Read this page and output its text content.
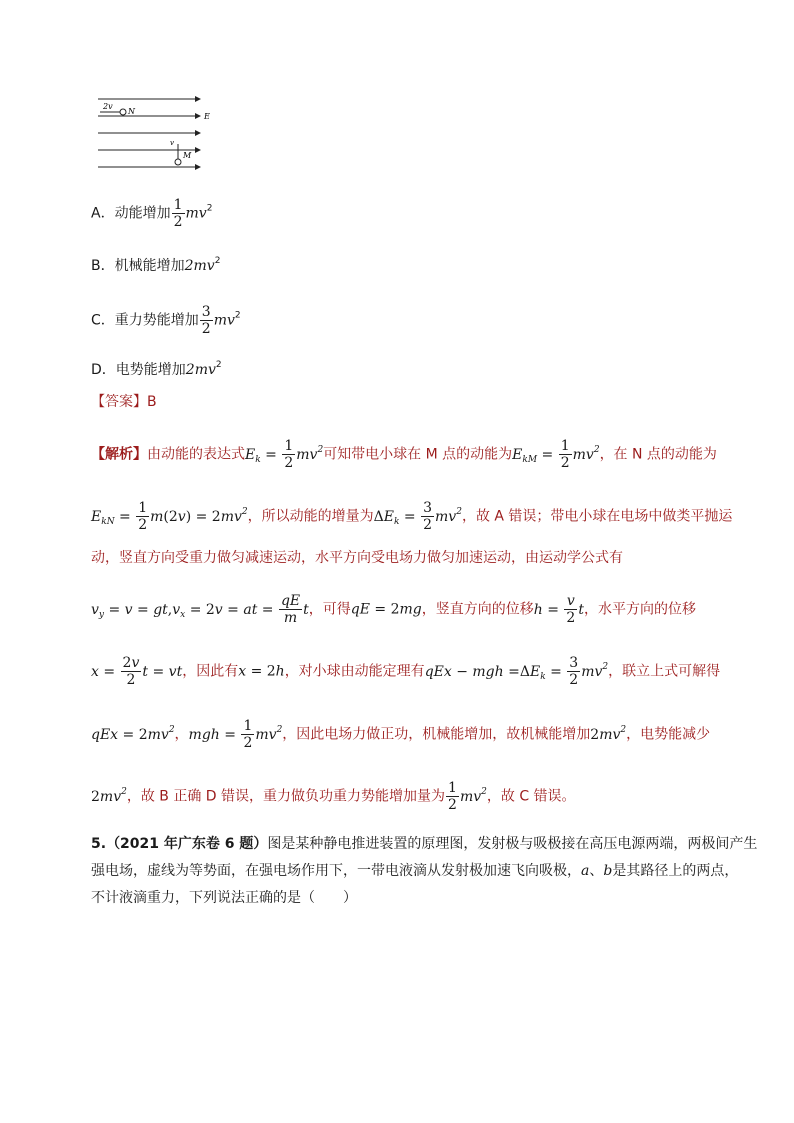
2v
N
E
v
M
A．动能增加 $\frac{1}{2} mv^2$
B．机械能增加$2mv^2$
C．重力势能增加 $\frac{3}{2} mv^2$
D．电势能增加$2mv^2$
【答案】B
【解析】由动能的表达式$E_k = \frac{1}{2} mv^2$可知带电小球在 M 点的动能为$E_{kM} = \frac{1}{2} mv^2$，在 N 点的动能为
$E_{kN} = \frac{1}{2} m(2v) = 2mv^2$，所以动能的增量为$\Delta E_k = \frac{3}{2} mv^2$，故 A 错误；带电小球在电场中做类平抛运
动，竖直方向受重力做匀减速运动，水平方向受电场力做匀加速运动，由运动学公式有
$v_y = v = gt,v_x = 2v$ = at = $\frac{qE}{m}$ t，可得qE = 2mg，竖直方向的位移$h = \frac{v}{2}$ t，水平方向的位移
$x = \frac{2v}{2}$ t = vt，因此有x = 2h，对小球由动能定理有qEx − mgh $=\Delta E_k = \frac{3}{2} mv^2$，联立上式可解得
qEx = $2mv^2$，mgh = $\frac{1}{2} mv^2$，因此电场力做正功，机械能增加，故机械能增加$2mv^2$，电势能减少
$2mv^2$，故 B 正确 D 错误，重力做负功重力势能增加量为 $\frac{1}{2} mv^2$，故 C 错误。
5.（2021 年广东卷 6 题）图是某种静电推进装置的原理图，发射极与吸极接在高压电源两端，两极间产生
强电场，虚线为等势面，在强电场作用下，一带电液滴从发射极加速飞向吸极，a、b是其路径上的两点，
不计液滴重力，下列说法正确的是（　　）
